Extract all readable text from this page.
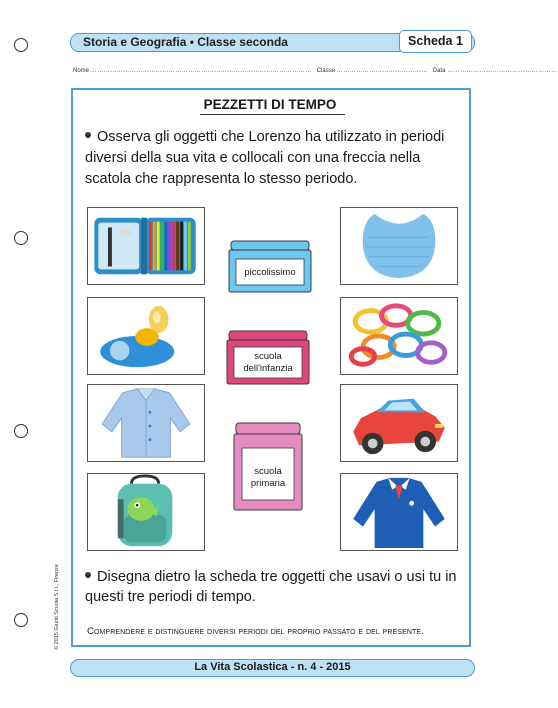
Storia e Geografia • Classe seconda	Scheda 1
Nome ………………………………………………………………………………………… Classe …………………………………… Data ……………………………………………
PEZZETTI DI TEMPO
Osserva gli oggetti che Lorenzo ha utilizzato in periodi diversi della sua vita e collocali con una freccia nella scatola che rappresenta lo stesso periodo.
piccolissimo
scuola
dell'infanzia
scuola
primaria
Disegna dietro la scheda tre oggetti che usavi o usi tu in questi tre periodi di tempo.
Comprendere e distinguere diversi periodi del proprio passato e del presente.
La Vita Scolastica - n. 4 - 2015
© 2015 Giunti Scuola S.r.l., Firenze
